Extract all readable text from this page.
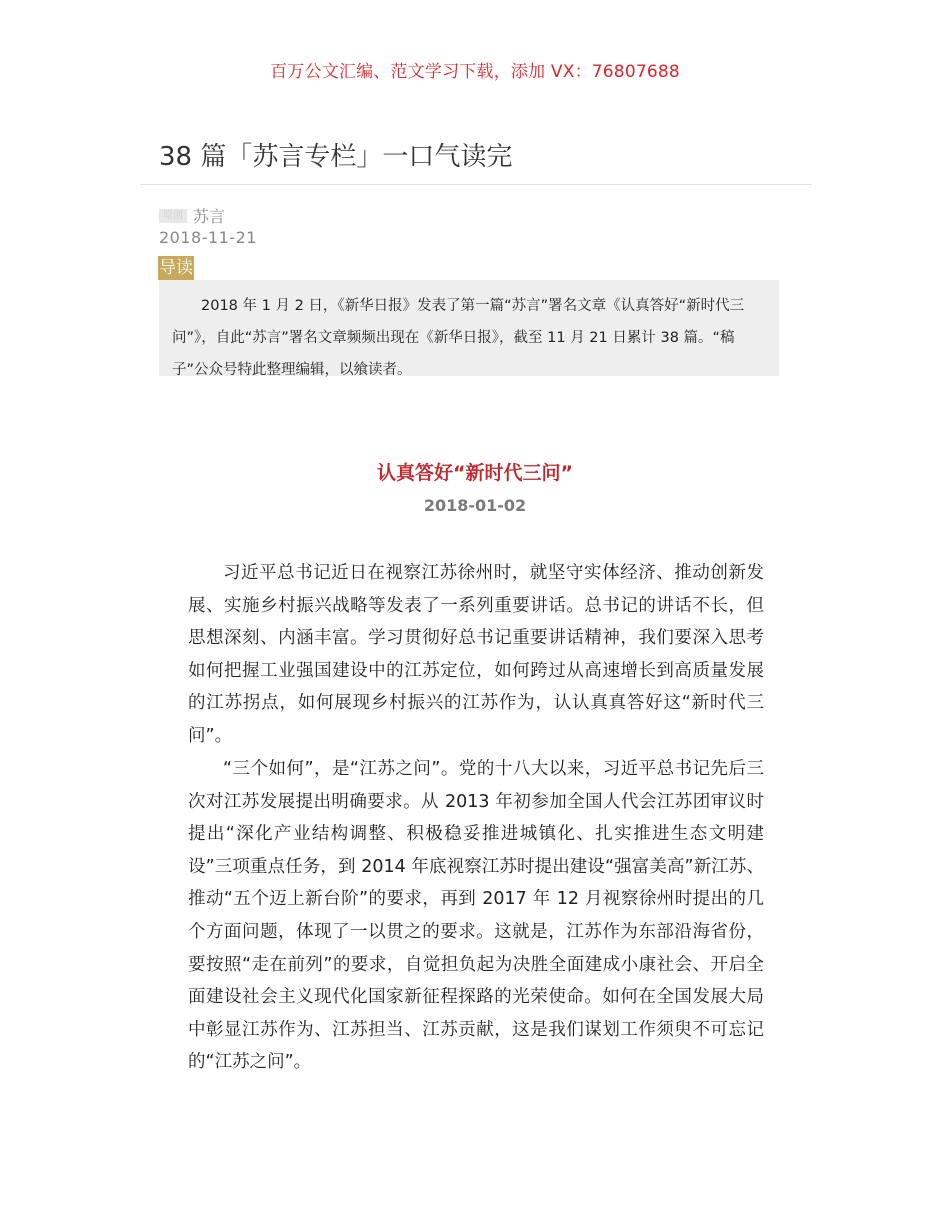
百万公文汇编、范文学习下载，添加 VX：76807688
38 篇「苏言专栏」一口气读完
原创 苏言
2018-11-21
导读

2018 年 1 月 2 日，《新华日报》发表了第一篇“苏言”署名文章《认真答好“新时代三问”》，自此“苏言”署名文章频频出现在《新华日报》，截至 11 月 21 日累计 38 篇。“稿子”公众号特此整理编辑，以飨读者。

认真答好“新时代三问”
2018-01-02

习近平总书记近日在视察江苏徐州时，就坚守实体经济、推动创新发展、实施乡村振兴战略等发表了一系列重要讲话。总书记的讲话不长，但思想深刻、内涵丰富。学习贯彻好总书记重要讲话精神，我们要深入思考如何把握工业强国建设中的江苏定位，如何跨过从高速增长到高质量发展的江苏拐点，如何展现乡村振兴的江苏作为，认认真真答好这“新时代三问”。

“三个如何”，是“江苏之问”。党的十八大以来，习近平总书记先后三次对江苏发展提出明确要求。从 2013 年初参加全国人代会江苏团审议时提出“深化产业结构调整、积极稳妥推进城镇化、扎实推进生态文明建设”三项重点任务，到 2014 年底视察江苏时提出建设“强富美高”新江苏、推动“五个迈上新台阶”的要求，再到 2017 年 12 月视察徐州时提出的几个方面问题，体现了一以贯之的要求。这就是，江苏作为东部沿海省份，要按照“走在前列”的要求，自觉担负起为决胜全面建成小康社会、开启全面建设社会主义现代化国家新征程探路的光荣使命。如何在全国发展大局中彰显江苏作为、江苏担当、江苏贡献，这是我们谋划工作须臾不可忘记的“江苏之问”。
